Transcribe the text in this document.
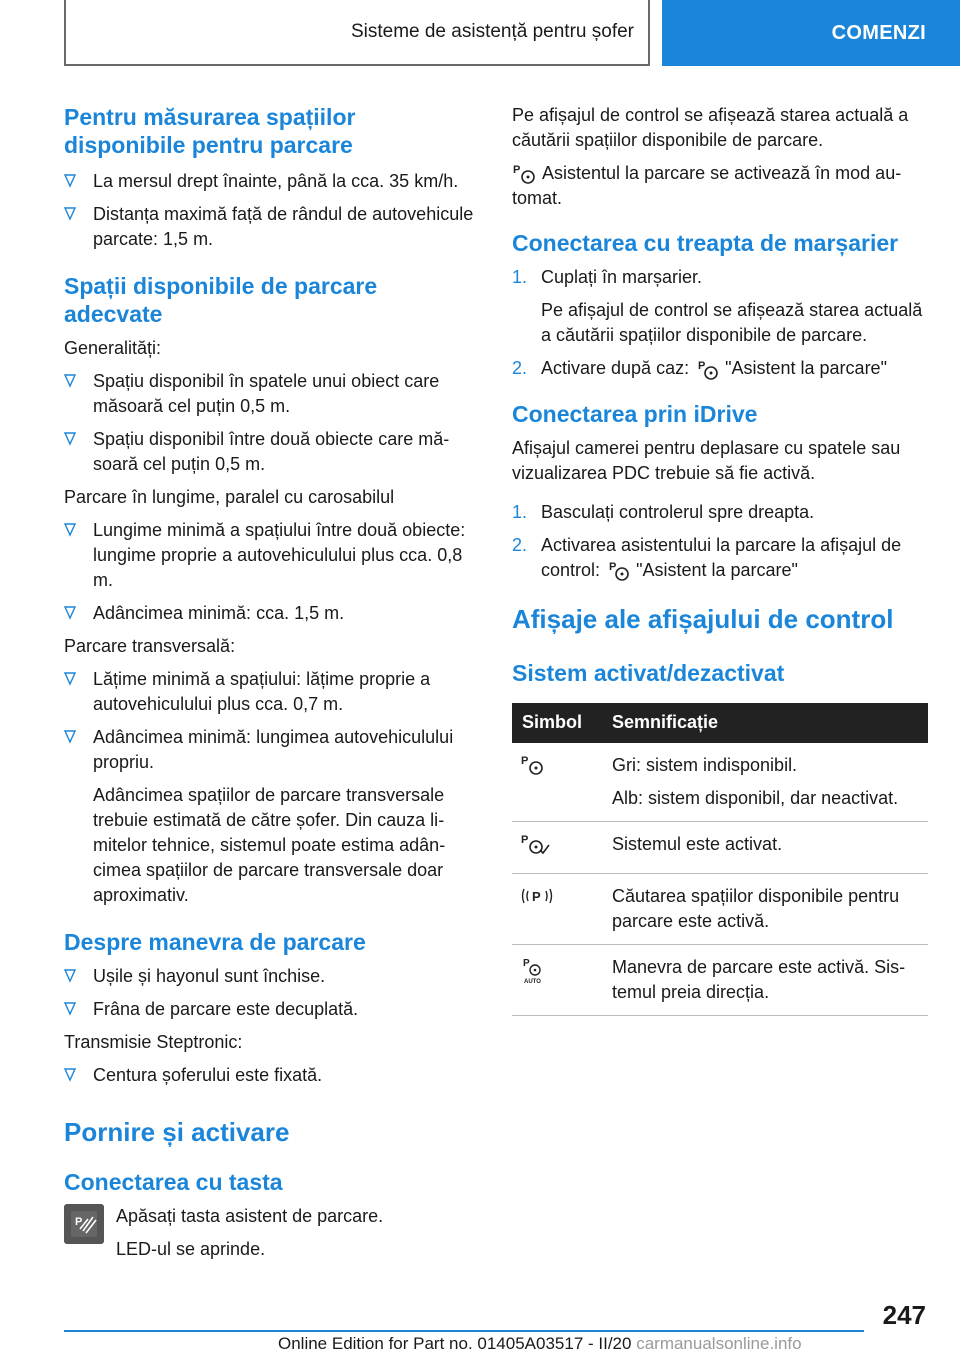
Sisteme de asistență pentru șofer	COMENZI
Pentru măsurarea spațiilor disponibile pentru parcare
La mersul drept înainte, până la cca. 35 km/h.
Distanța maximă față de rândul de autovehicule parcate: 1,5 m.
Spații disponibile de parcare adecvate

Generalități:

Spațiu disponibil în spatele unui obiect care măsoară cel puțin 0,5 m.
Spațiu disponibil între două obiecte care măsoară cel puțin 0,5 m.

Parcare în lungime, paralel cu carosabilul

Lungime minimă a spațiului între două obiecte: lungime proprie a autovehiculului plus cca. 0,8 m.
Adâncimea minimă: cca. 1,5 m.

Parcare transversală:

Lățime minimă a spațiului: lățime proprie a autovehiculului plus cca. 0,7 m.
Adâncimea minimă: lungimea autovehiculului propriu.
Adâncimea spațiilor de parcare transversale trebuie estimată de către șofer. Din cauza limitelor tehnice, sistemul poate estima adâncimea spațiilor de parcare transversale doar aproximativ.
Despre manevra de parcare
Ușile și hayonul sunt închise.
Frâna de parcare este decuplată.

Transmisie Steptronic:

Centura șoferului este fixată.
Pornire și activare
Conectarea cu tasta
P Apăsați tasta asistent de parcare.

LED-ul se aprinde.

Pe afișajul de control se afișează starea actuală a căutării spațiilor disponibile de parcare.

P Asistentul la parcare se activează în mod automat.

Conectarea cu treapta de marșarier
1. Cuplați în marșarier.
Pe afișajul de control se afișează starea actuală a căutării spațiilor disponibile de parcare.
2. Activare după caz: P "Asistent la parcare"
Conectarea prin iDrive

Afișajul camerei pentru deplasare cu spatele sau vizualizarea PDC trebuie să fie activă.

1. Basculați controlerul spre dreapta.
2. Activarea asistentului la parcare la afișajul de control: P "Asistent la parcare"
Afișaje ale afișajului de control
Sistem activat/dezactivat
Simbol	Semnificație

P	Gri: sistem indisponibil.

Alb: sistem disponibil, dar neactivat.

P	Sistemul este activat.

P	Căutarea spațiilor disponibile pentru parcare este activă.

P
AUTO	Manevra de parcare este activă. Sistemul preia direcția.

247
Online Edition for Part no. 01405A03517 - II/20 carmanualsonline.info
